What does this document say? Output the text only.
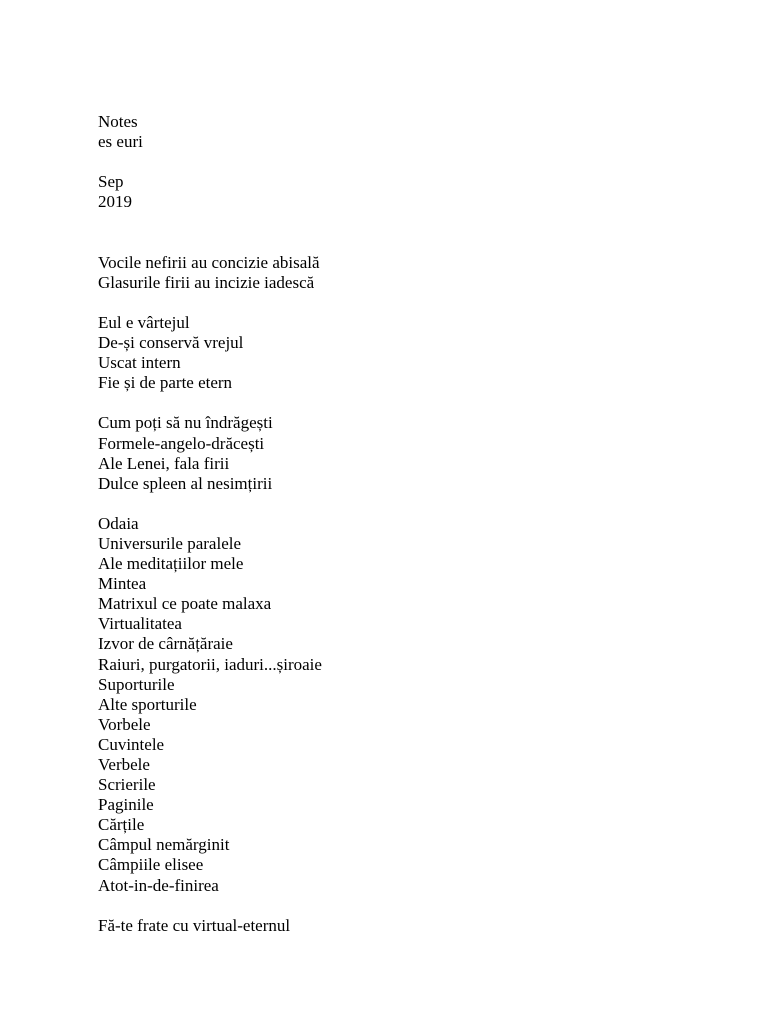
Notes
es euri
Sep
2019
Vocile nefirii au concizie abisală
Glasurile firii au incizie iadescă
Eul e vârtejul
De-și conservă vrejul
Uscat intern
Fie și de parte etern
Cum poți să nu îndrăgești
Formele-angelo-drăcești
Ale Lenei, fala firii
Dulce spleen al nesimțirii
Odaia
Universurile paralele
Ale meditațiilor mele
Mintea
Matrixul ce poate malaxa
Virtualitatea
Izvor de cârnățăraie
Raiuri, purgatorii, iaduri...șiroaie
Suporturile
Alte sporturile
Vorbele
Cuvintele
Verbele
Scrierile
Paginile
Cărțile
Câmpul nemărginit
Câmpiile elisee
Atot-in-de-finirea
Fă-te frate cu virtual-eternul
